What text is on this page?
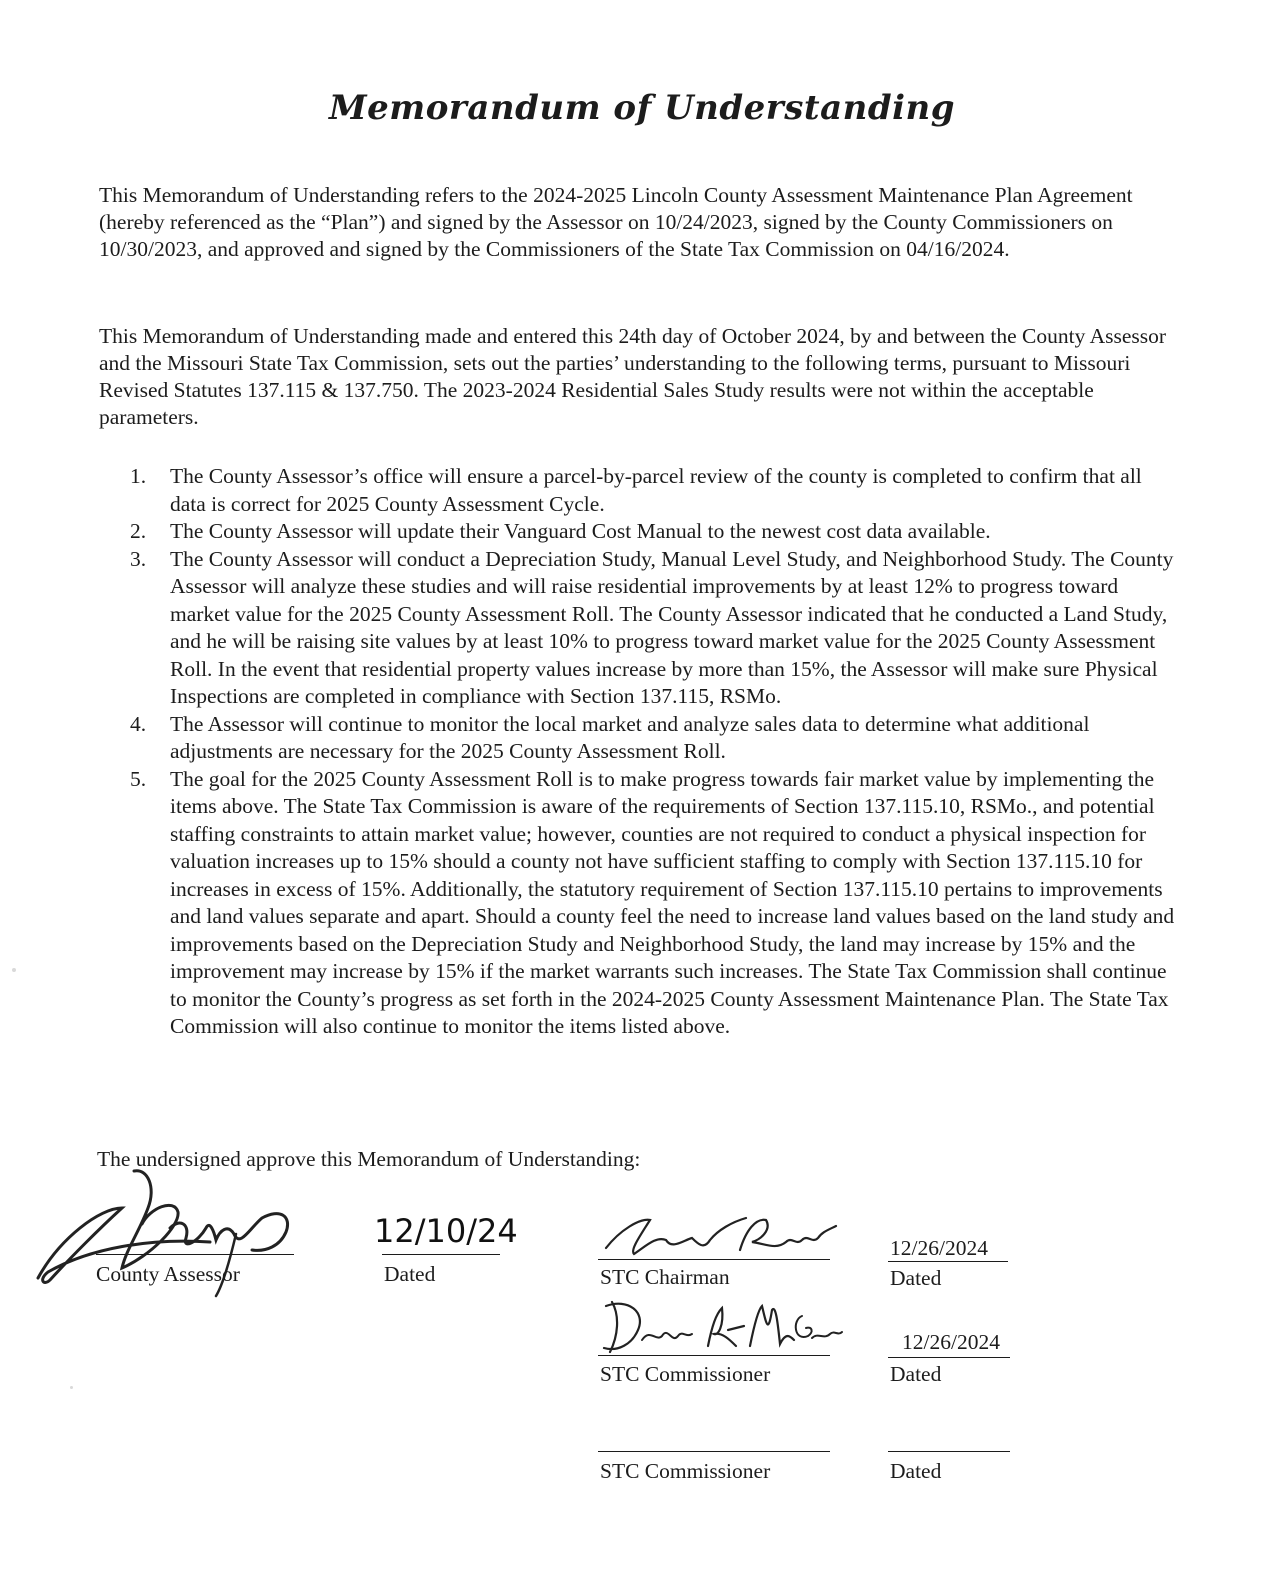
Memorandum of Understanding

This Memorandum of Understanding refers to the 2024-2025 Lincoln County Assessment Maintenance Plan Agreement (hereby referenced as the “Plan”) and signed by the Assessor on 10/24/2023, signed by the County Commissioners on 10/30/2023, and approved and signed by the Commissioners of the State Tax Commission on 04/16/2024.

This Memorandum of Understanding made and entered this 24th day of October 2024, by and between the County Assessor and the Missouri State Tax Commission, sets out the parties’ understanding to the following terms, pursuant to Missouri Revised Statutes 137.115 & 137.750. The 2023-2024 Residential Sales Study results were not within the acceptable parameters.

1. The County Assessor’s office will ensure a parcel-by-parcel review of the county is completed to confirm that all data is correct for 2025 County Assessment Cycle.
2. The County Assessor will update their Vanguard Cost Manual to the newest cost data available.
3. The County Assessor will conduct a Depreciation Study, Manual Level Study, and Neighborhood Study. The County Assessor will analyze these studies and will raise residential improvements by at least 12% to progress toward market value for the 2025 County Assessment Roll. The County Assessor indicated that he conducted a Land Study, and he will be raising site values by at least 10% to progress toward market value for the 2025 County Assessment Roll. In the event that residential property values increase by more than 15%, the Assessor will make sure Physical Inspections are completed in compliance with Section 137.115, RSMo.
4. The Assessor will continue to monitor the local market and analyze sales data to determine what additional adjustments are necessary for the 2025 County Assessment Roll.
5. The goal for the 2025 County Assessment Roll is to make progress towards fair market value by implementing the items above. The State Tax Commission is aware of the requirements of Section 137.115.10, RSMo., and potential staffing constraints to attain market value; however, counties are not required to conduct a physical inspection for valuation increases up to 15% should a county not have sufficient staffing to comply with Section 137.115.10 for increases in excess of 15%. Additionally, the statutory requirement of Section 137.115.10 pertains to improvements and land values separate and apart. Should a county feel the need to increase land values based on the land study and improvements based on the Depreciation Study and Neighborhood Study, the land may increase by 15% and the improvement may increase by 15% if the market warrants such increases. The State Tax Commission shall continue to monitor the County’s progress as set forth in the 2024-2025 County Assessment Maintenance Plan. The State Tax Commission will also continue to monitor the items listed above.

The undersigned approve this Memorandum of Understanding:

County Assessor
12/10/24
Dated	STC Chairman
12/26/2024
Dated
STC Commissioner
12/26/2024
Dated
STC Commissioner	Dated
